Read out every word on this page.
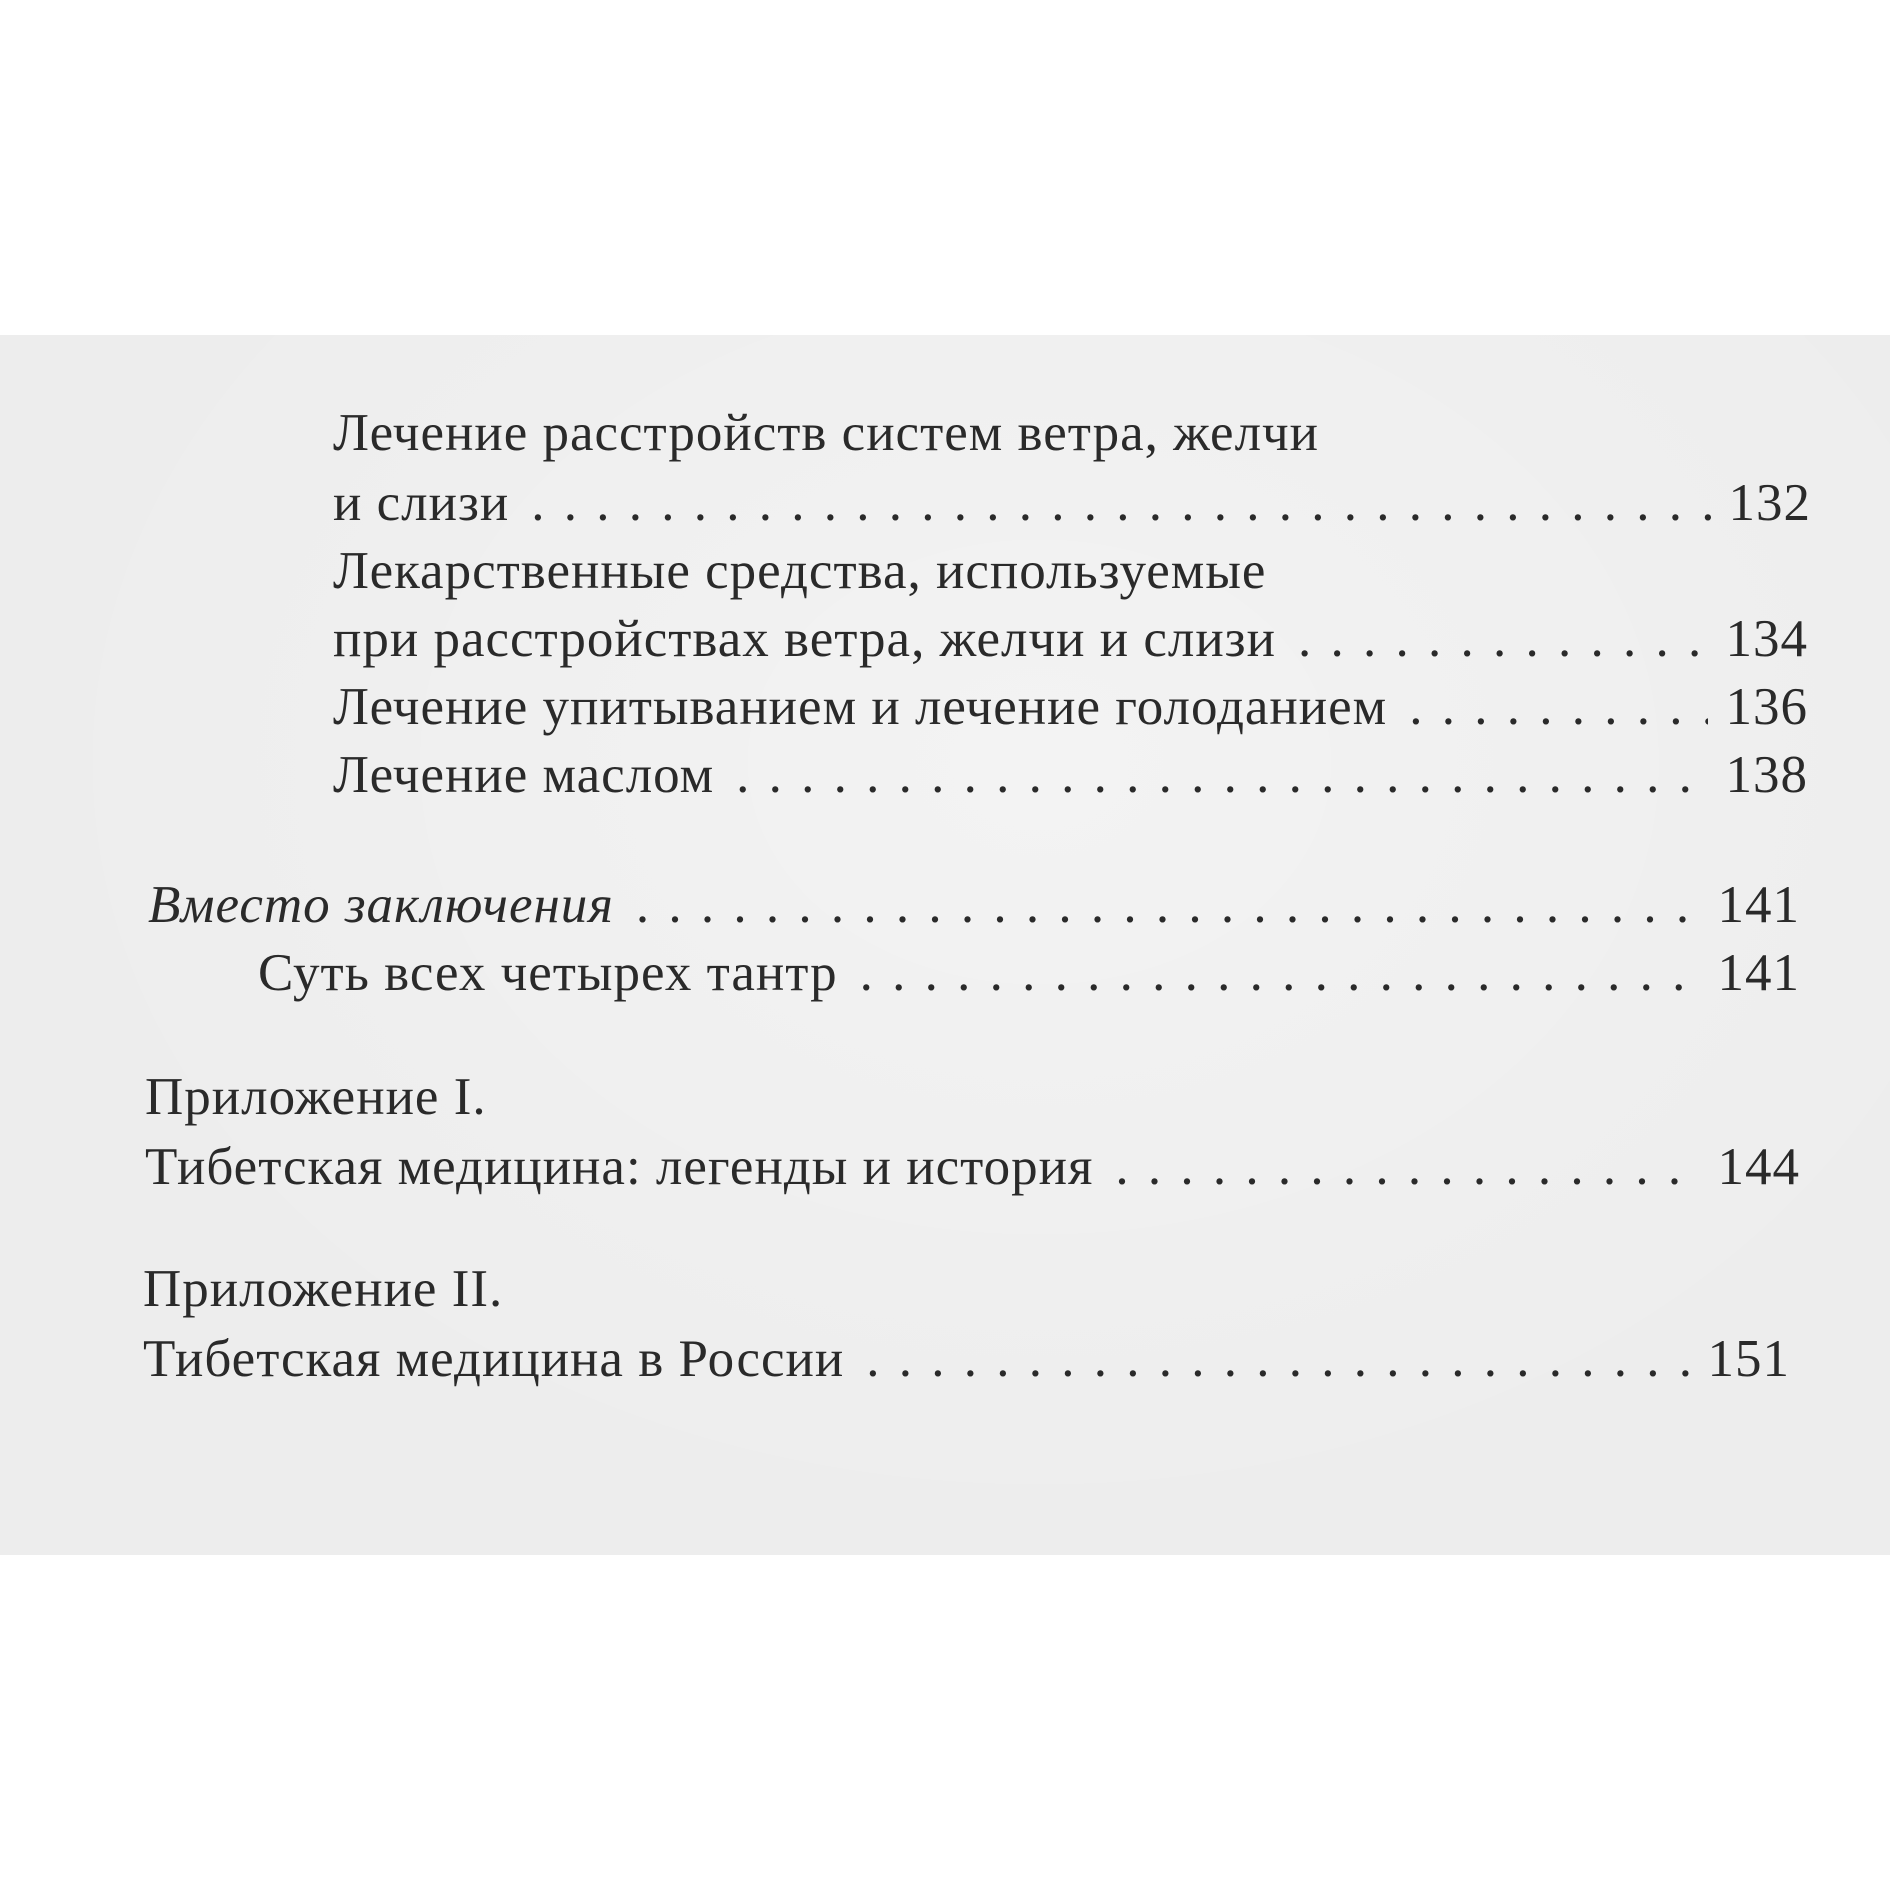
Лечение расстройств систем ветра, желчи
и слизи . . .	132
Лекарственные средства, используемые
при расстройствах ветра, желчи и слизи . . .	134
Лечение упитыванием и лечение голоданием . . .	136
Лечение маслом . . .	138
Вместо заключения . . .	141
Суть всех четырех тантр . . .	141
Приложение I.
Тибетская медицина: легенды и история . . .	144
Приложение II.
Тибетская медицина в России . . .	151
